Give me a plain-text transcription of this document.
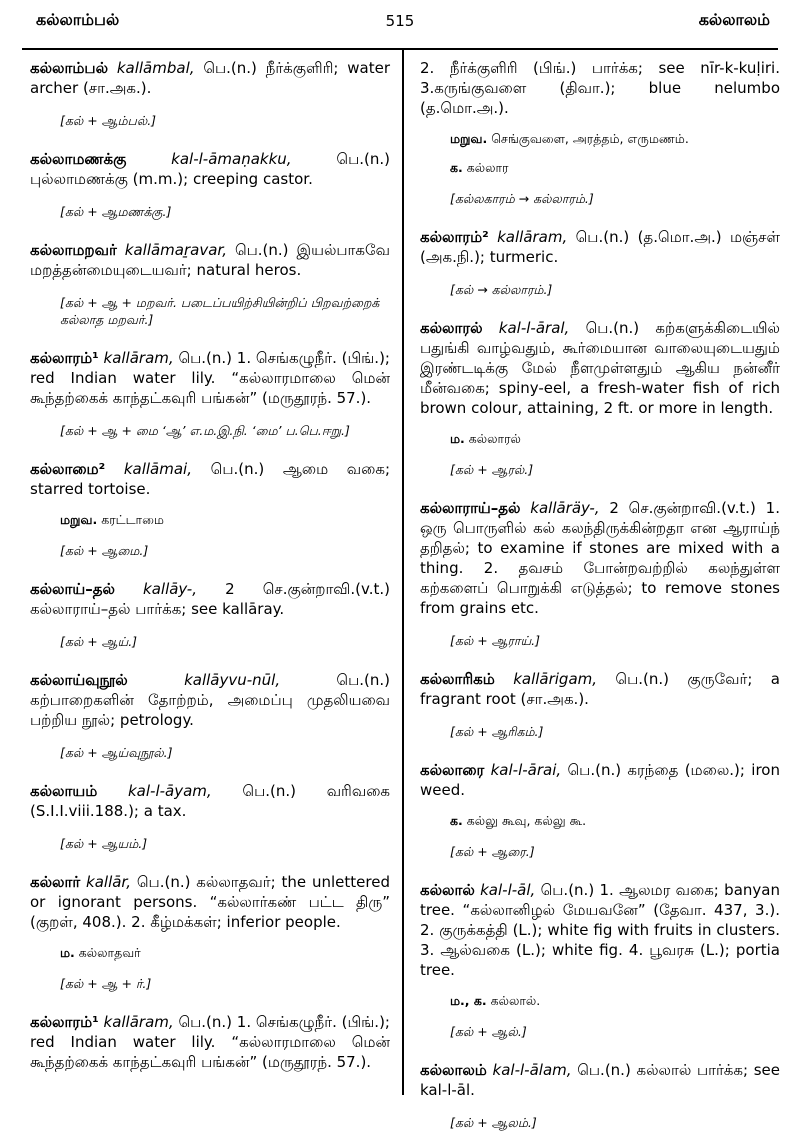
கல்லாம்பல்	515	கல்லாலம்

கல்லாம்பல் kallāmbal, பெ.(n.) நீர்க்குளிரி; water archer (சா.அக.).

[கல் + ஆம்பல்.]

கல்லாமணக்கு	kal-l-āmaṇakku, பெ.(n.) புல்லாமணக்கு (m.m.); creeping castor.

[கல் + ஆமணக்கு.]

கல்லாமறவர் kallāmaṟavar, பெ.(n.) இயல்பாகவே மறத்தன்மையுடையவர்; natural heros.

[கல் + ஆ + மறவர். படைப்பயிற்சியின்றிப் பிறவற்றைக் கல்லாத மறவர்.]

கல்லாரம்¹ kallāram, பெ.(n.) 1. செங்கழுநீர். (பிங்.); red Indian water lily. “கல்லாரமாலை மென் கூந்தற்கைக் காந்தட்கவுரி பங்கன்” (மருதூரந். 57.).

[கல் + ஆ + மை ‘ஆ’ எ.ம.இ.நி. ‘மை’ ப.பெ.ஈறு.]

கல்லாமை² kallāmai, பெ.(n.) ஆமை வகை; starred tortoise.

மறுவ. கரட்டாமை

[கல் + ஆமை.]

கல்லாய்–தல் kallāy-, 2 செ.குன்றாவி.(v.t.) கல்லாராய்–தல் பார்க்க; see kallāray.

[கல் + ஆய்.]

கல்லாய்வுநூல்	kallāyvu-nūl, பெ.(n.) கற்பாறைகளின் தோற்றம், அமைப்பு முதலியவை பற்றிய நூல்; petrology.

[கல் + ஆய்வுநூல்.]

கல்லாயம் kal-l-āyam, பெ.(n.) வரிவகை (S.I.I.viii.188.); a tax.

[கல் + ஆயம்.]

கல்லார் kallār, பெ.(n.) கல்லாதவர்; the unlettered or ignorant persons. “கல்லார்கண் பட்ட திரு” (குறள், 408.). 2. கீழ்மக்கள்; inferior people.

ம. கல்லாதவர்

[கல் + ஆ + ர்.]

கல்லாரம்¹ kallāram, பெ.(n.) 1. செங்கழுநீர். (பிங்.); red Indian water lily. “கல்லாரமாலை மென் கூந்தற்கைக் காந்தட்கவுரி பங்கன்” (மருதூரந். 57.).

2. நீர்க்குளிரி (பிங்.) பார்க்க; see nīr-k-kuḷiri. 3.கருங்குவளை (திவா.); blue nelumbo (த.மொ.அ.).

மறுவ. செங்குவளை, அரத்தம், எருமணம்.

க. கல்லார

[கல்லகாரம் → கல்லாரம்.]

கல்லாரம்² kallāram, பெ.(n.) (த.மொ.அ.) மஞ்சள் (அக.நி.); turmeric.

[கல் → கல்லாரம்.]

கல்லாரல் kal-l-āral, பெ.(n.) கற்களுக்கிடையில் பதுங்கி வாழ்வதும், கூர்மையான வாலையுடையதும் இரண்டடிக்கு மேல் நீளமுள்ளதும் ஆகிய நன்னீர் மீன்வகை; spiny-eel, a fresh-water fish of rich brown colour, attaining, 2 ft. or more in length.

ம. கல்லாரல்

[கல் + ஆரல்.]

கல்லாராய்–தல் kallāräy-, 2 செ.குன்றாவி.(v.t.) 1. ஒரு பொருளில் கல் கலந்திருக்கின்றதா என ஆராய்ந் தறிதல்; to examine if stones are mixed with a thing. 2. தவசம் போன்றவற்றில் கலந்துள்ள கற்களைப் பொறுக்கி எடுத்தல்; to remove stones from grains etc.

[கல் + ஆராய்.]

கல்லாரிகம் kallārigam, பெ.(n.) குருவேர்; a fragrant root (சா.அக.).

[கல் + ஆரிகம்.]

கல்லாரை kal-l-ārai, பெ.(n.) கரந்தை (மலை.); iron weed.

க. கல்லு கூவு, கல்லு கூ.

[கல் + ஆரை.]

கல்லால் kal-l-āl, பெ.(n.) 1. ஆலமர வகை; banyan tree. “கல்லானிழல் மேயவனே” (தேவா. 437, 3.). 2. குருக்கத்தி (L.); white fig with fruits in clusters. 3. ஆல்வகை (L.); white fig. 4. பூவரசு (L.); portia tree.

ம., க. கல்லால்.

[கல் + ஆல்.]

கல்லாலம் kal-l-ālam, பெ.(n.) கல்லால் பார்க்க; see kal-l-āl.

[கல் + ஆலம்.]
